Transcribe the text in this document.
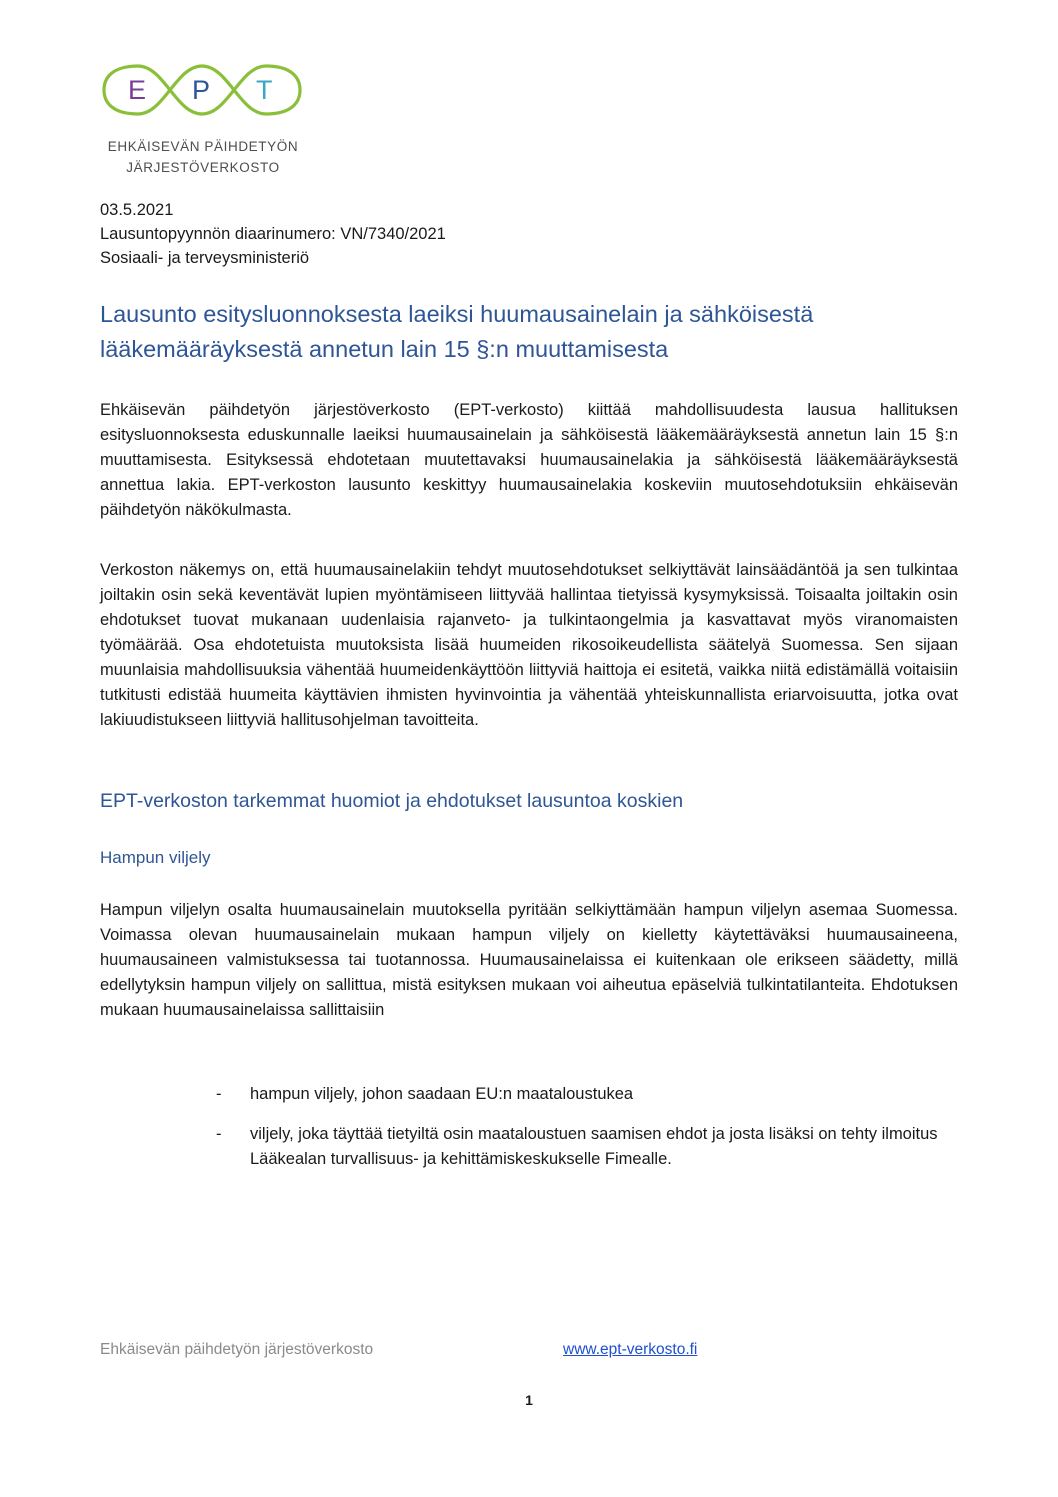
E P T
EHKÄISEVÄN PÄIHDETYÖN
JÄRJESTÖVERKOSTO
03.5.2021
Lausuntopyynnön diaarinumero: VN/7340/2021
Sosiaali- ja terveysministeriö
Lausunto esitysluonnoksesta laeiksi huumausainelain ja sähköisestä
lääkemääräyksestä annetun lain 15 §:n muuttamisesta
Ehkäisevän päihdetyön järjestöverkosto (EPT-verkosto) kiittää mahdollisuudesta lausua hallituksen esitysluonnoksesta eduskunnalle laeiksi huumausainelain ja sähköisestä lääkemääräyksestä annetun lain 15 §:n muuttamisesta. Esityksessä ehdotetaan muutettavaksi huumausainelakia ja sähköisestä lääkemääräyksestä annettua lakia. EPT-verkoston lausunto keskittyy huumausainelakia koskeviin muutosehdotuksiin ehkäisevän päihdetyön näkökulmasta.
Verkoston näkemys on, että huumausainelakiin tehdyt muutosehdotukset selkiyttävät lainsäädäntöä ja sen tulkintaa joiltakin osin sekä keventävät lupien myöntämiseen liittyvää hallintaa tietyissä kysymyksissä. Toisaalta joiltakin osin ehdotukset tuovat mukanaan uudenlaisia rajanveto- ja tulkintaongelmia ja kasvattavat myös viranomaisten työmäärää. Osa ehdotetuista muutoksista lisää huumeiden rikosoikeudellista säätelyä Suomessa. Sen sijaan muunlaisia mahdollisuuksia vähentää huumeidenkäyttöön liittyviä haittoja ei esitetä, vaikka niitä edistämällä voitaisiin tutkitusti edistää huumeita käyttävien ihmisten hyvinvointia ja vähentää yhteiskunnallista eriarvoisuutta, jotka ovat lakiuudistukseen liittyviä hallitusohjelman tavoitteita.
EPT-verkoston tarkemmat huomiot ja ehdotukset lausuntoa koskien
Hampun viljely
Hampun viljelyn osalta huumausainelain muutoksella pyritään selkiyttämään hampun viljelyn asemaa Suomessa. Voimassa olevan huumausainelain mukaan hampun viljely on kielletty käytettäväksi huumausaineena, huumausaineen valmistuksessa tai tuotannossa. Huumausainelaissa ei kuitenkaan ole erikseen säädetty, millä edellytyksin hampun viljely on sallittua, mistä esityksen mukaan voi aiheutua epäselviä tulkintatilanteita. Ehdotuksen mukaan huumausainelaissa sallittaisiin
- hampun viljely, johon saadaan EU:n maataloustukea
- viljely, joka täyttää tietyiltä osin maataloustuen saamisen ehdot ja josta lisäksi on tehty ilmoitus Lääkealan turvallisuus- ja kehittämiskeskukselle Fimealle.
Ehkäisevän päihdetyön järjestöverkosto	www.ept-verkosto.fi
1
